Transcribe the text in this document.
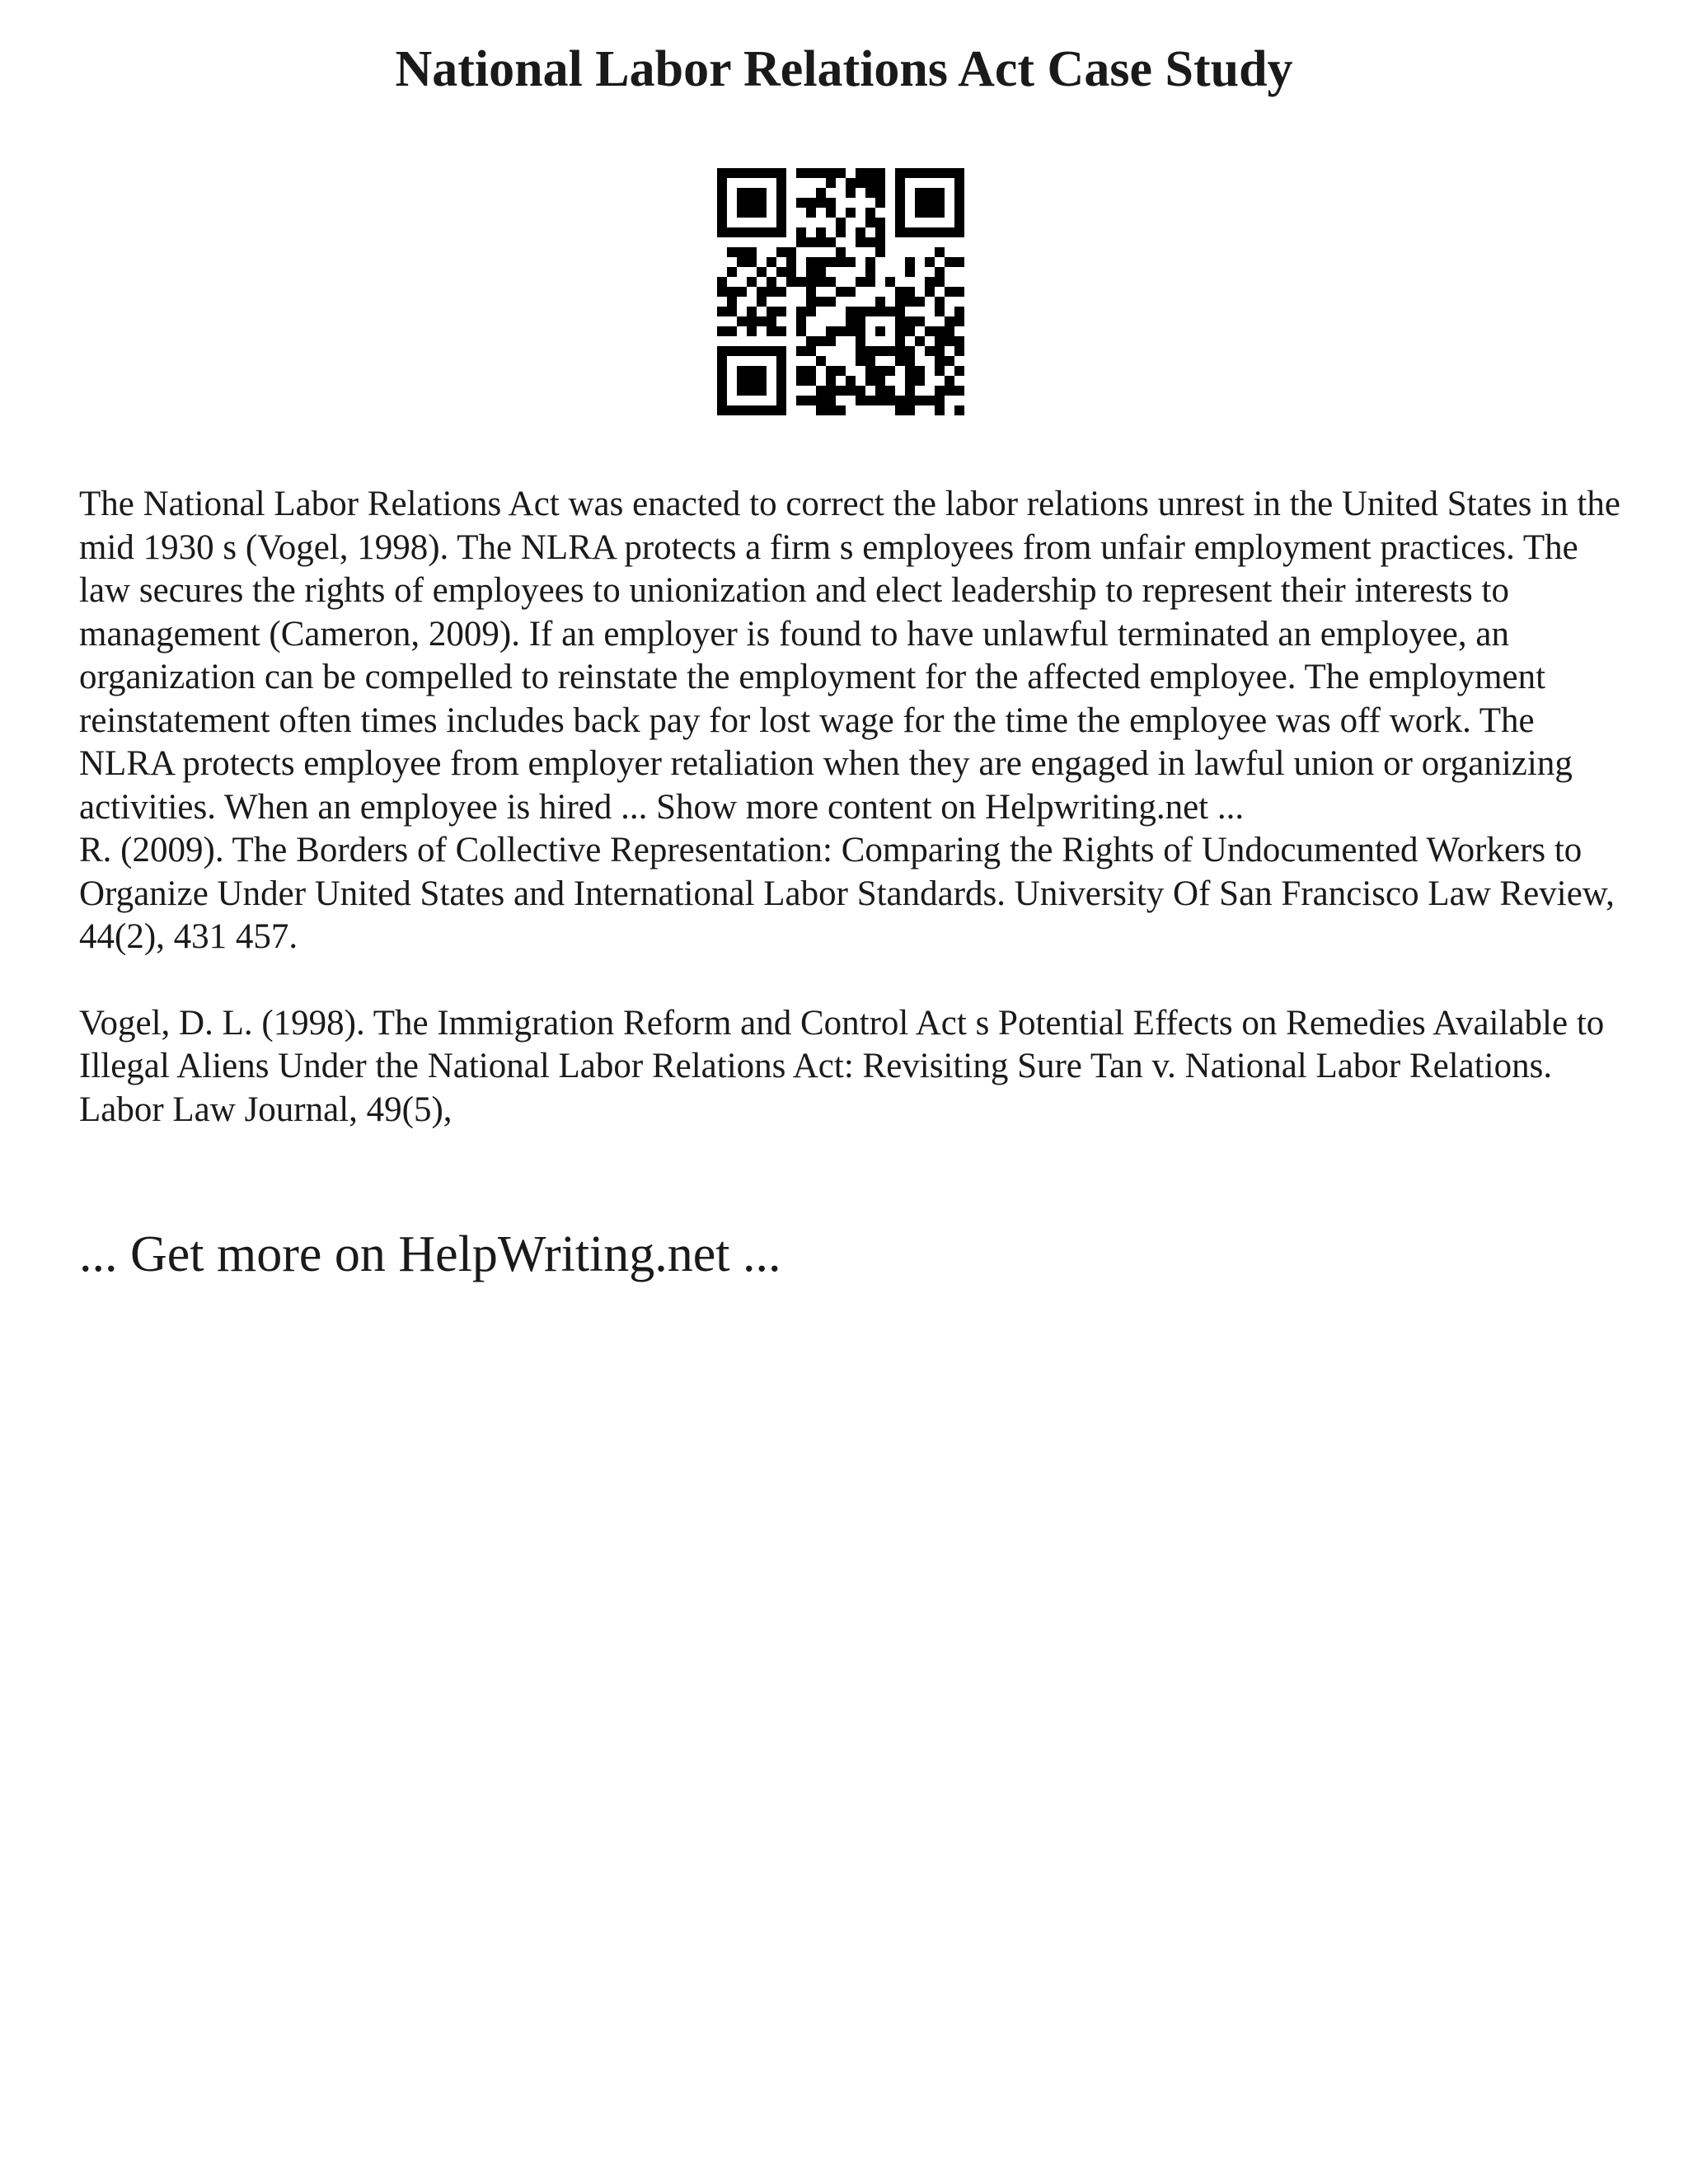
National Labor Relations Act Case Study

The National Labor Relations Act was enacted to correct the labor relations unrest in the United States in the mid 1930 s (Vogel, 1998). The NLRA protects a firm s employees from unfair employment practices. The law secures the rights of employees to unionization and elect leadership to represent their interests to management (Cameron, 2009). If an employer is found to have unlawful terminated an employee, an organization can be compelled to reinstate the employment for the affected employee. The employment reinstatement often times includes back pay for lost wage for the time the employee was off work. The NLRA protects employee from employer retaliation when they are engaged in lawful union or organizing activities. When an employee is hired ... Show more content on Helpwriting.net ...

R. (2009). The Borders of Collective Representation: Comparing the Rights of Undocumented Workers to Organize Under United States and International Labor Standards. University Of San Francisco Law Review, 44(2), 431 457.

Vogel, D. L. (1998). The Immigration Reform and Control Act s Potential Effects on Remedies Available to Illegal Aliens Under the National Labor Relations Act: Revisiting Sure Tan v. National Labor Relations. Labor Law Journal, 49(5),

... Get more on HelpWriting.net ...
